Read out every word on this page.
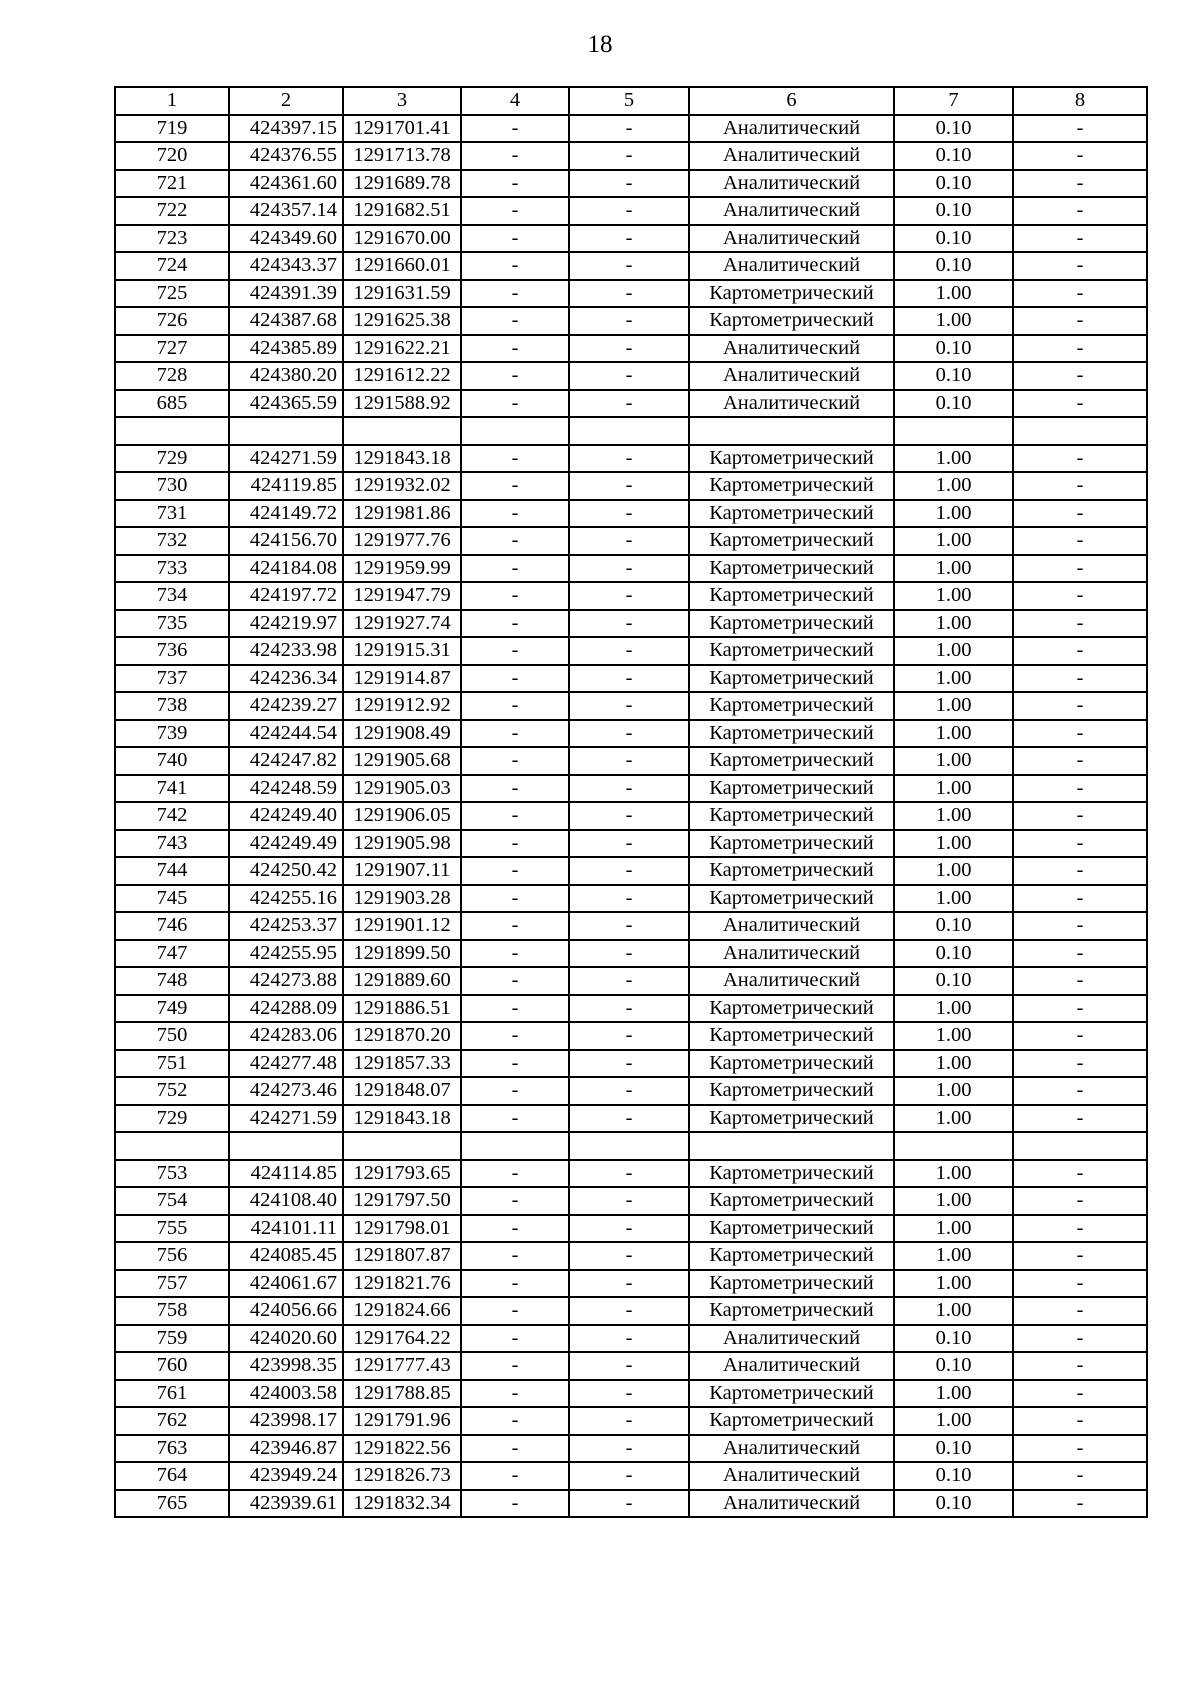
18
1	2	3	4	5	6	7	8
719	424397.15	1291701.41	-	-	Аналитический	0.10	-
720	424376.55	1291713.78	-	-	Аналитический	0.10	-
721	424361.60	1291689.78	-	-	Аналитический	0.10	-
722	424357.14	1291682.51	-	-	Аналитический	0.10	-
723	424349.60	1291670.00	-	-	Аналитический	0.10	-
724	424343.37	1291660.01	-	-	Аналитический	0.10	-
725	424391.39	1291631.59	-	-	Картометрический	1.00	-
726	424387.68	1291625.38	-	-	Картометрический	1.00	-
727	424385.89	1291622.21	-	-	Аналитический	0.10	-
728	424380.20	1291612.22	-	-	Аналитический	0.10	-
685	424365.59	1291588.92	-	-	Аналитический	0.10	-

729	424271.59	1291843.18	-	-	Картометрический	1.00	-
730	424119.85	1291932.02	-	-	Картометрический	1.00	-
731	424149.72	1291981.86	-	-	Картометрический	1.00	-
732	424156.70	1291977.76	-	-	Картометрический	1.00	-
733	424184.08	1291959.99	-	-	Картометрический	1.00	-
734	424197.72	1291947.79	-	-	Картометрический	1.00	-
735	424219.97	1291927.74	-	-	Картометрический	1.00	-
736	424233.98	1291915.31	-	-	Картометрический	1.00	-
737	424236.34	1291914.87	-	-	Картометрический	1.00	-
738	424239.27	1291912.92	-	-	Картометрический	1.00	-
739	424244.54	1291908.49	-	-	Картометрический	1.00	-
740	424247.82	1291905.68	-	-	Картометрический	1.00	-
741	424248.59	1291905.03	-	-	Картометрический	1.00	-
742	424249.40	1291906.05	-	-	Картометрический	1.00	-
743	424249.49	1291905.98	-	-	Картометрический	1.00	-
744	424250.42	1291907.11	-	-	Картометрический	1.00	-
745	424255.16	1291903.28	-	-	Картометрический	1.00	-
746	424253.37	1291901.12	-	-	Аналитический	0.10	-
747	424255.95	1291899.50	-	-	Аналитический	0.10	-
748	424273.88	1291889.60	-	-	Аналитический	0.10	-
749	424288.09	1291886.51	-	-	Картометрический	1.00	-
750	424283.06	1291870.20	-	-	Картометрический	1.00	-
751	424277.48	1291857.33	-	-	Картометрический	1.00	-
752	424273.46	1291848.07	-	-	Картометрический	1.00	-
729	424271.59	1291843.18	-	-	Картометрический	1.00	-

753	424114.85	1291793.65	-	-	Картометрический	1.00	-
754	424108.40	1291797.50	-	-	Картометрический	1.00	-
755	424101.11	1291798.01	-	-	Картометрический	1.00	-
756	424085.45	1291807.87	-	-	Картометрический	1.00	-
757	424061.67	1291821.76	-	-	Картометрический	1.00	-
758	424056.66	1291824.66	-	-	Картометрический	1.00	-
759	424020.60	1291764.22	-	-	Аналитический	0.10	-
760	423998.35	1291777.43	-	-	Аналитический	0.10	-
761	424003.58	1291788.85	-	-	Картометрический	1.00	-
762	423998.17	1291791.96	-	-	Картометрический	1.00	-
763	423946.87	1291822.56	-	-	Аналитический	0.10	-
764	423949.24	1291826.73	-	-	Аналитический	0.10	-
765	423939.61	1291832.34	-	-	Аналитический	0.10	-
